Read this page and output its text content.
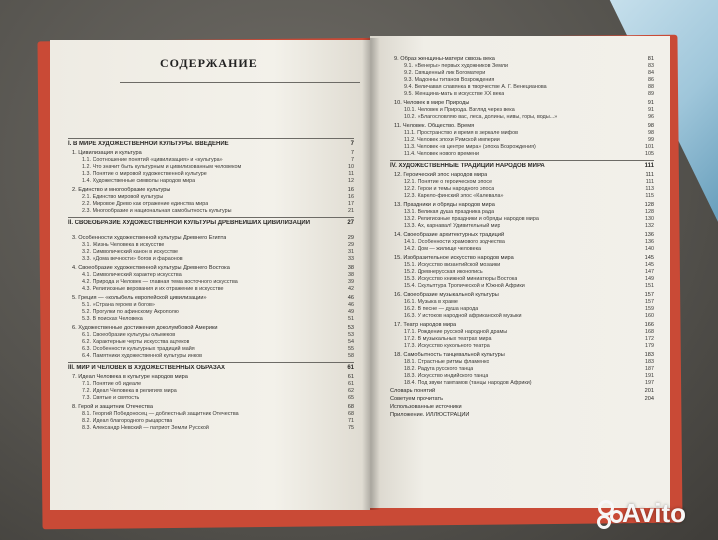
СОДЕРЖАНИЕ
I. В МИРЕ ХУДОЖЕСТВЕННОЙ КУЛЬТУРЫ. ВВЕДЕНИЕ	7
1. Цивилизация и культура	7
1.1. Соотношение понятий «цивилизация» и «культура»	7
1.2. Что значит быть культурным и цивилизованным человеком	10
1.3. Понятие о мировой художественной культуре	11
1.4. Художественные символы народов мира	12
2. Единство и многообразие культуры	16
2.1. Единство мировой культуры	16
2.2. Мировое Древо как отражение единства мира	17
2.3. Многообразие и национальная самобытность культуры	21
II. СВОЕОБРАЗИЕ ХУДОЖЕСТВЕННОЙ КУЛЬТУРЫ ДРЕВНЕЙШИХ ЦИВИЛИЗАЦИЙ	27
3. Особенности художественной культуры Древнего Египта	29
3.1. Жизнь Человека в искусстве	29
3.2. Символический канон в искусстве	31
3.3. «Дома вечности» богов и фараонов	33
4. Своеобразие художественной культуры Древнего Востока	38
4.1. Символический характер искусства	38
4.2. Природа и Человек — главная тема восточного искусства	39
4.3. Религиозные верования и их отражение в искусстве	42
5. Греция — «колыбель европейской цивилизации»	46
5.1. «Страна героев и богов»	46
5.2. Прогулки по афинскому Акрополю	49
5.3. В поисках Человека	51
6. Художественные достижения доколумбовой Америки	53
6.1. Своеобразие культуры ольмеков	53
6.2. Характерные черты искусства ацтеков	54
6.3. Особенности культурных традиций майя	55
6.4. Памятники художественной культуры инков	58
III. МИР И ЧЕЛОВЕК В ХУДОЖЕСТВЕННЫХ ОБРАЗАХ	61
7. Идеал Человека в культуре народов мира	61
7.1. Понятие об идеале	61
7.2. Идеал Человека в религиях мира	62
7.3. Святые и святость	65
8. Герой и защитник Отечества	68
8.1. Георгий Победоносец — доблестный защитник Отечества	68
8.2. Идеал благородного рыцарства	71
8.3. Александр Невский — патриот Земли Русской	75
9. Образ женщины-матери сквозь века	81
9.1. «Венеры» первых художников Земли	83
9.2. Священный лик Богоматери	84
9.3. Мадонны титанов Возрождения	86
9.4. Величавая славянка в творчестве А. Г. Венецианова	88
9.5. Женщина-мать в искусстве XX века	89
10. Человек в мире Природы	91
10.1. Человек и Природа. Взгляд через века	91
10.2. «Благословляю вас, леса, долины, нивы, горы, воды...»	96
11. Человек. Общество. Время	98
11.1. Пространство и время в зеркале мифов	98
11.2. Человек эпохи Римской империи	99
11.3. Человек «в центре мира» (эпоха Возрождения)	101
11.4. Человек нового времени	105
IV. ХУДОЖЕСТВЕННЫЕ ТРАДИЦИИ НАРОДОВ МИРА	111
12. Героический эпос народов мира	111
12.1. Понятие о героическом эпосе	111
12.2. Герои и темы народного эпоса	113
12.3. Карело-финский эпос «Калевала»	115
13. Праздники и обряды народов мира	128
13.1. Великая душа праздника рада	128
13.2. Религиозные праздники и обряды народов мира	130
13.3. Ах, карнавал! Удивительный мир	132
14. Своеобразие архитектурных традиций	136
14.1. Особенности храмового зодчества	136
14.2. Дом — жилище человека	140
15. Изобразительное искусство народов мира	145
15.1. Искусство византийской мозаики	145
15.2. Древнерусская иконопись	147
15.3. Искусство книжной миниатюры Востока	149
15.4. Скульптура Тропической и Южной Африки	151
16. Своеобразие музыкальной культуры	157
16.1. Музыка в храме	157
16.2. В песне — душа народа	159
16.3. У истоков народной африканской музыки	160
17. Театр народов мира	166
17.1. Рождение русской народной драмы	168
17.2. В музыкальных театрах мира	172
17.3. Искусство кукольного театра	179
18. Самобытность танцевальной культуры	183
18.1. Страстные ритмы фламенко	183
18.2. Радуга русского танца	187
18.3. Искусство индийского танца	191
18.4. Под звуки тамтамов (танцы народов Африки)	197
Словарь понятий	201
Советуем прочитать	204
Использованные источники
Приложение. ИЛЛЮСТРАЦИИ
Avito
